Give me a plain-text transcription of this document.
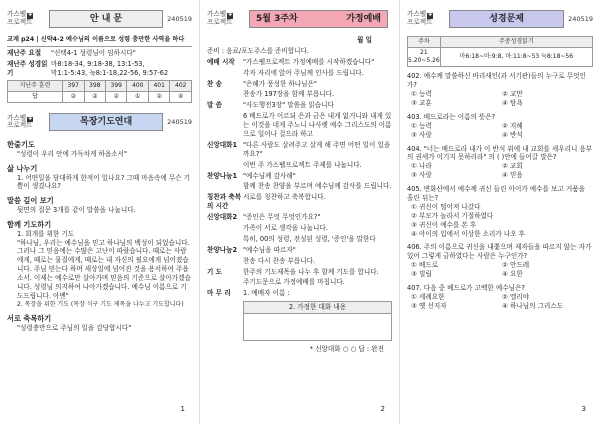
가스펠 ✚
프로젝트	안 내 문	240519
교재 p24 | 신약4-2 예수님의 이름으로 성령 충만한 사역을 하다
재난주 요절	"선택4-1 성령님이 임하시다"
재난주 성경읽기
마8:18-34, 9:18-38, 13:1-53,
막1:1-5:43, 눅8:1-18,22-56, 9:57-62
지난주 훈련	397	398	399	400	401	402
답	②	②	②	①	②	④
가스펠 ✚
프로젝트	목장기도연대	240519
한줄기도
"성령이 우리 안에 가득차게 하옵소서"
삶 나누기
1. 어떤일을 담대하게 한적이 있나요? 그때 마음속에 무슨 기쁨이 생겼나요?
말씀 깊이 보기
뒷면의 질문 3개를 같이 말씀을 나눕니다.
함께 기도하기
1. 회개를 위한 기도
"하나님, 우리는 예수님을 믿고 하나님의 백성이 되었습니다. 그러나 그 믿음에는 수많은 고난이 따랐습니다. 때로는 사람에게, 때로는 물질에게, 때로는 내 자신의 필요에게 넘어졌습니다. 주님 믿는다 하며 세상일에 넘어진 것을 용서하여 주옵소서. 이제는 예수로만 살아가며 믿음의 기준으로 살아가겠습니다. 성령님 의지하여 나아가겠습니다. 예수님 이름으로 기도드립니다. 아멘"
2. 목장을 위한 기도 (목장 식구 기도 제목을 나누고 기도합니다)
서로 축복하기
"성령충만으로 주님의 일을 감당합시다"
1
가스펠 ✚
프로젝트	5월 3주차	가정예배
월 일
준비 : 음료/포도주스를 준비합니다.
예배 시작	"가스펠프로젝트 가정예배를 시작하겠습니다"
각자 자리에 앉아 주님께 인사를 드립니다.
찬 송	"은혜가 풍성한 하나님은"
찬송가 197장을 함께 부릅니다.
말 씀	"사도행전3장" 말씀을 읽습니다
6 베드로가 이르되 은과 금은 내게 없거니와 내게 있는 이것을 네게 주노니 나사렛 예수 그리스도의 이름으로 일어나 걸으라 하고
신앙대화1 "다른 사람도 살려주고 살게 해 주면 어떤 일이 있을까요?"
이번 주 가스펠프로젝트 주제를 나눕니다.
찬양나눔1 "예수님께 감사해"
함께 찬송 찬양을 부르며 예수님께 감사를 드립니다.
칭찬과 축복의 시간
서로를 칭찬하고 축복합니다.
신앙대화2 "증인은 무엇 무엇인가요?"
가족이 서로 생각을 나눕니다.
특히, 00의 성령, 전성된 성령, '증인'을 말한다
찬양나눔2 "예수님을 따르자"
찬송 다시 찬송 부릅니다.
기 도	한주의 기도제목을 나누 후 함께 기도를 합니다.
주기도문으로 가정예배를 마칩니다.
마 무 리	1. 예배자 이름 :
2. 가정한 대화 내용
* 신앙대화 ○ ○ 답 : 완전
2
가스펠 ✚
프로젝트	성경문제	240519
주차	주중성경읽기
21 5.20~5.26	마6:18~마:9:8, 마:11:8~53 눅8:18~56
402. 예수께 말씀하신 바리새인(과 서기관)들의 누구로 무엇인가?
① 능력	② 교만
③ 교훈	④ 탐욕
403. 베드로라는 이름의 뜻은?
① 능력	② 지혜
③ 사랑	④ 반석
404. "너는 베드로라 내가 이 반석 위에 내 교회를 세우리니 음부의 권세가 이기지 못하리라" 의 ( )안에 들어갈 말은?
① 나라	② 교회
③ 사랑	④ 믿음
405. 변화산에서 예수께 귀신 들린 아이가 예수를 보고 거품을 흘린 뒤는?
① 귀신이 떨어져 나갔다
② 부모가 놀라서 기절하였다
③ 귀신이 예수를 본 후
④ 아이의 입에서 이상한 소리가 나오 후
406. 주의 이름으로 귀신을 내쫓으며 제자들을 따르지 않는 자가 있어 그렇게 금하였다는 사람은 누구인가?
① 베드로	② 안드레
③ 빌립	④ 요한
407. 다음 중 베드로가 고백한 예수님은?
① 세례요한	② 엘리야
③ 옛 선지자	④ 하나님의 그리스도
3
